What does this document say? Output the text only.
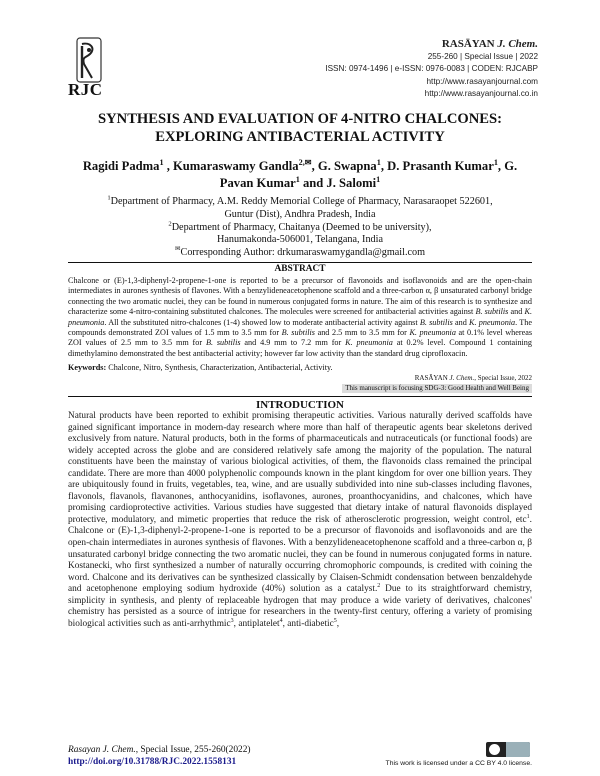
RJC
RASĀYAN J. Chem.
255-260 | Special Issue | 2022
ISSN: 0974-1496 | e-ISSN: 0976-0083 | CODEN: RJCABP
http://www.rasayanjournal.com
http://www.rasayanjournal.co.in
SYNTHESIS AND EVALUATION OF 4-NITRO CHALCONES:
EXPLORING ANTIBACTERIAL ACTIVITY
Ragidi Padma$^1$ , Kumaraswamy Gandla$^{2,✉}$, G. Swapna$^1$, D. Prasanth Kumar$^1$, G. Pavan Kumar$^1$ and J. Salomi$^1$
$^1$Department of Pharmacy, A.M. Reddy Memorial College of Pharmacy, Narasaraopet 522601,
Guntur (Dist), Andhra Pradesh, India
$^2$Department of Pharmacy, Chaitanya (Deemed to be university),
Hanumakonda-506001, Telangana, India
✉Corresponding Author: drkumaraswamygandla@gmail.com
ABSTRACT
Chalcone or (E)-1,3-diphenyl-2-propene-1-one is reported to be a precursor of flavonoids and isoflavonoids and are the open-chain intermediates in aurones synthesis of flavones. With a benzylideneacetophenone scaffold and a three-carbon α, β unsaturated carbonyl bridge connecting the two aromatic nuclei, they can be found in numerous conjugated forms in nature. The aim of this research is to synthesize and characterize some 4-nitro-containing substituted chalcones. The molecules were screened for antibacterial activities against B. subtilis and K. pneumonia. All the substituted nitro-chalcones (1-4) showed low to moderate antibacterial activity against B. subtilis and K. pneumonia. The compounds demonstrated ZOI values of 1.5 mm to 3.5 mm for B. subtilis and 2.5 mm to 3.5 mm for K. pneumonia at 0.1% level whereas ZOI values of 2.5 mm to 3.5 mm for B. subtilis and 4.9 mm to 7.2 mm for K. pneumonia at 0.2% level. Compound 1 containing dimethylamino demonstrated the best antibacterial activity; however far low activity than the standard drug ciprofloxacin.
Keywords: Chalcone, Nitro, Synthesis, Characterization, Antibacterial, Activity.
RASĀYAN J. Chem., Special Issue, 2022
This manuscript is focusing SDG-3: Good Health and Well Being
INTRODUCTION
Natural products have been reported to exhibit promising therapeutic activities. Various naturally derived scaffolds have gained significant importance in modern-day research where more than half of therapeutic agents bear skeletons derived exclusively from nature. Natural products, both in the forms of pharmaceuticals and nutraceuticals (or functional foods) are widely accepted across the globe and are considered relatively safe among the majority of the population. The natural constituents have been the mainstay of various biological activities, of them, the flavonoids class remained the principal candidate. There are more than 4000 polyphenolic compounds known in the plant kingdom for over one billion years. They are ubiquitously found in fruits, vegetables, tea, wine, and are usually subdivided into nine sub-classes including flavones, flavonols, flavanols, flavanones, anthocyanidins, isoflavones, aurones, proanthocyanidins, and chalcones, which have promising cardioprotective activities. Various studies have suggested that dietary intake of natural flavonoids displayed protective, modulatory, and mimetic properties that reduce the risk of atherosclerotic progression, weight control, etc$^1$. Chalcone or (E)-1,3-diphenyl-2-propene-1-one is reported to be a precursor of flavonoids and isoflavonoids and are the open-chain intermediates in aurones synthesis of flavones. With a benzylideneacetophenone scaffold and a three-carbon α, β unsaturated carbonyl bridge connecting the two aromatic nuclei, they can be found in numerous conjugated forms in nature. Kostanecki, who first synthesized a number of naturally occurring chromophoric compounds, is credited with coining the word. Chalcone and its derivatives can be synthesized classically by Claisen-Schmidt condensation between benzaldehyde and acetophenone employing sodium hydroxide (40%) solution as a catalyst.$^2$ Due to its straightforward chemistry, simplicity in synthesis, and plenty of replaceable hydrogen that may produce a wide variety of derivatives, chalcones' chemistry has persisted as a source of intrigue for researchers in the twenty-first century, offering a variety of promising biological activities such as anti-arrhythmic$^3$, antiplatelet$^4$, anti-diabetic$^5$,
Rasayan J. Chem., Special Issue, 255-260(2022)
http://doi.org/10.31788/RJC.2022.1558131	This work is licensed under a CC BY 4.0 license.
